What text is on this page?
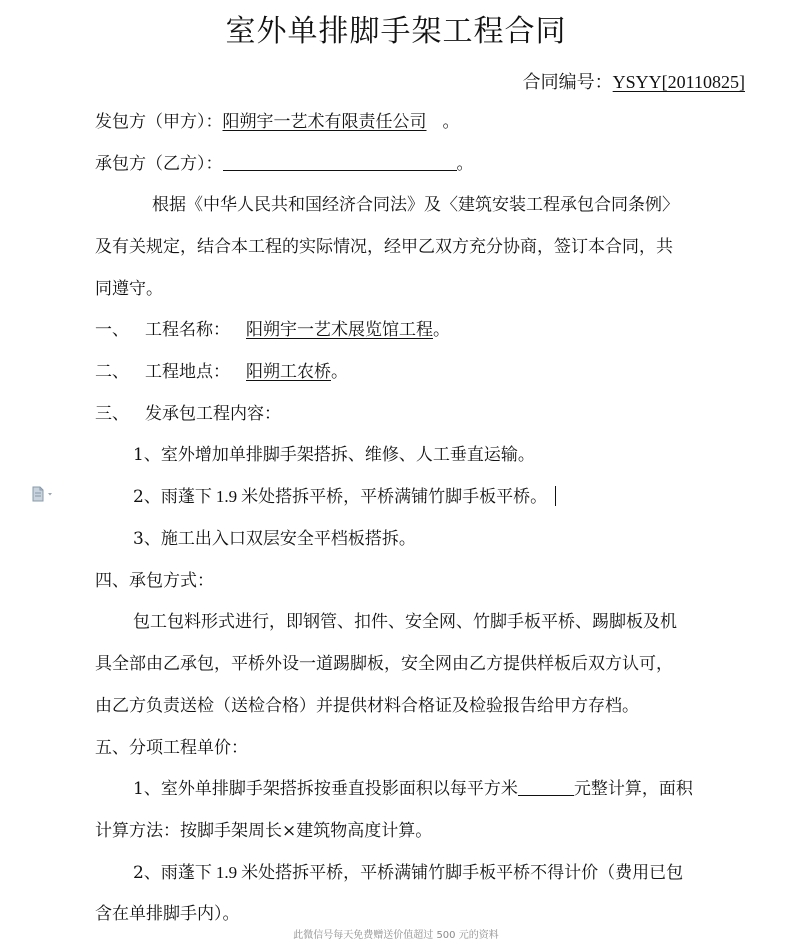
室外单排脚手架工程合同
合同编号：YSYY[20110825]
发包方（甲方）：阳朔宇一艺术有限责任公司 。
承包方（乙方）：	。
根据《中华人民共和国经济合同法》及〈建筑安装工程承包合同条例〉
及有关规定，结合本工程的实际情况，经甲乙双方充分协商，签订本合同，共
同遵守。
一、 工程名称： 阳朔宇一艺术展览馆工程。
二、 工程地点： 阳朔工农桥。
三、 发承包工程内容：
1、室外增加单排脚手架搭拆、维修、人工垂直运输。
2、雨蓬下 1.9 米处搭拆平桥，平桥满铺竹脚手板平桥。
3、施工出入口双层安全平档板搭拆。
四、承包方式：
包工包料形式进行，即钢管、扣件、安全网、竹脚手板平桥、踢脚板及机
具全部由乙承包，平桥外设一道踢脚板，安全网由乙方提供样板后双方认可，
由乙方负责送检（送检合格）并提供材料合格证及检验报告给甲方存档。
五、分项工程单价：
1、室外单排脚手架搭拆按垂直投影面积以每平方米	元整计算，面积
计算方法：按脚手架周长×建筑物高度计算。
2、雨蓬下 1.9 米处搭拆平桥，平桥满铺竹脚手板平桥不得计价（费用已包
含在单排脚手内）。
此微信号每天免费赠送价值超过 500 元的资料
